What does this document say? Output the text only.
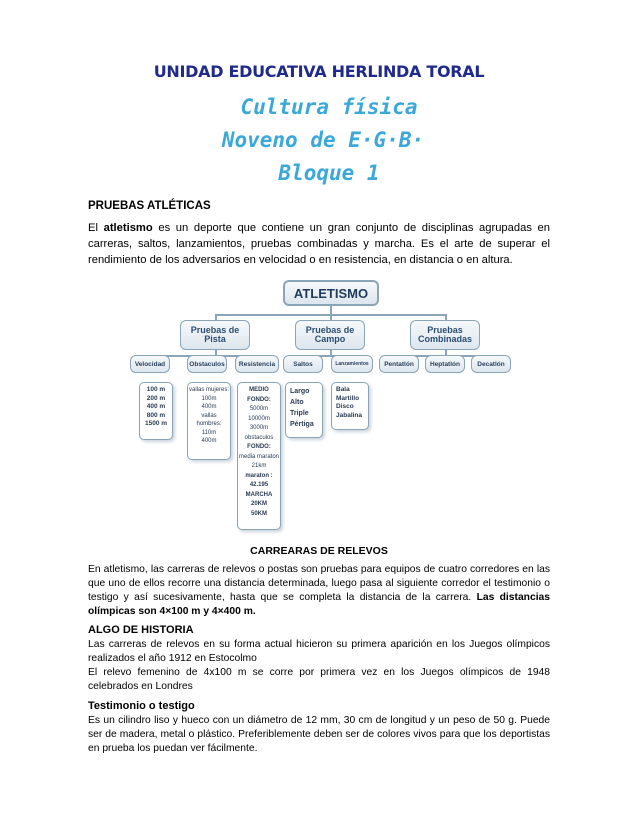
UNIDAD EDUCATIVA HERLINDA TORAL
Cultura física
Noveno de E·G·B·
Bloque 1
PRUEBAS ATLÉTICAS
El atletismo es un deporte que contiene un gran conjunto de disciplinas agrupadas en carreras, saltos, lanzamientos, pruebas combinadas y marcha. Es el arte de superar el rendimiento de los adversarios en velocidad o en resistencia, en distancia o en altura.
ATLETISMO
Pruebas de Pista
Pruebas de Campo
Pruebas Combinadas
Velocidad	Obstaculos	Resistencia	Saltos	Lanzamientos	Pentatlón	Heptatlón	Decatlón
100 m
200 m
400 m
800 m
1500 m
vallas mujeres:
100m
400m
vallas hombres:
110m
400m
MEDIO FONDO:
5000m
10000m
3000m obstaculos
FONDO:
media maraton 21km
maraton : 42.195
MARCHA
20KM
50KM
Largo
Alto
Triple
Pértiga
Bala
Martillo
Disco
Jabalina
CARREARAS DE RELEVOS
En atletismo, las carreras de relevos o postas son pruebas para equipos de cuatro corredores en las que uno de ellos recorre una distancia determinada, luego pasa al siguiente corredor el testimonio o testigo y así sucesivamente, hasta que se completa la distancia de la carrera. Las distancias olímpicas son 4×100 m y 4×400 m.
ALGO DE HISTORIA
Las carreras de relevos en su forma actual hicieron su primera aparición en los Juegos olímpicos realizados el año 1912 en Estocolmo
El relevo femenino de 4x100 m se corre por primera vez en los Juegos olímpicos de 1948 celebrados en Londres
Testimonio o testigo
Es un cilindro liso y hueco con un diámetro de 12 mm, 30 cm de longitud y un peso de 50 g. Puede ser de madera, metal o plástico. Preferiblemente deben ser de colores vivos para que los deportistas en prueba los puedan ver fácilmente.
